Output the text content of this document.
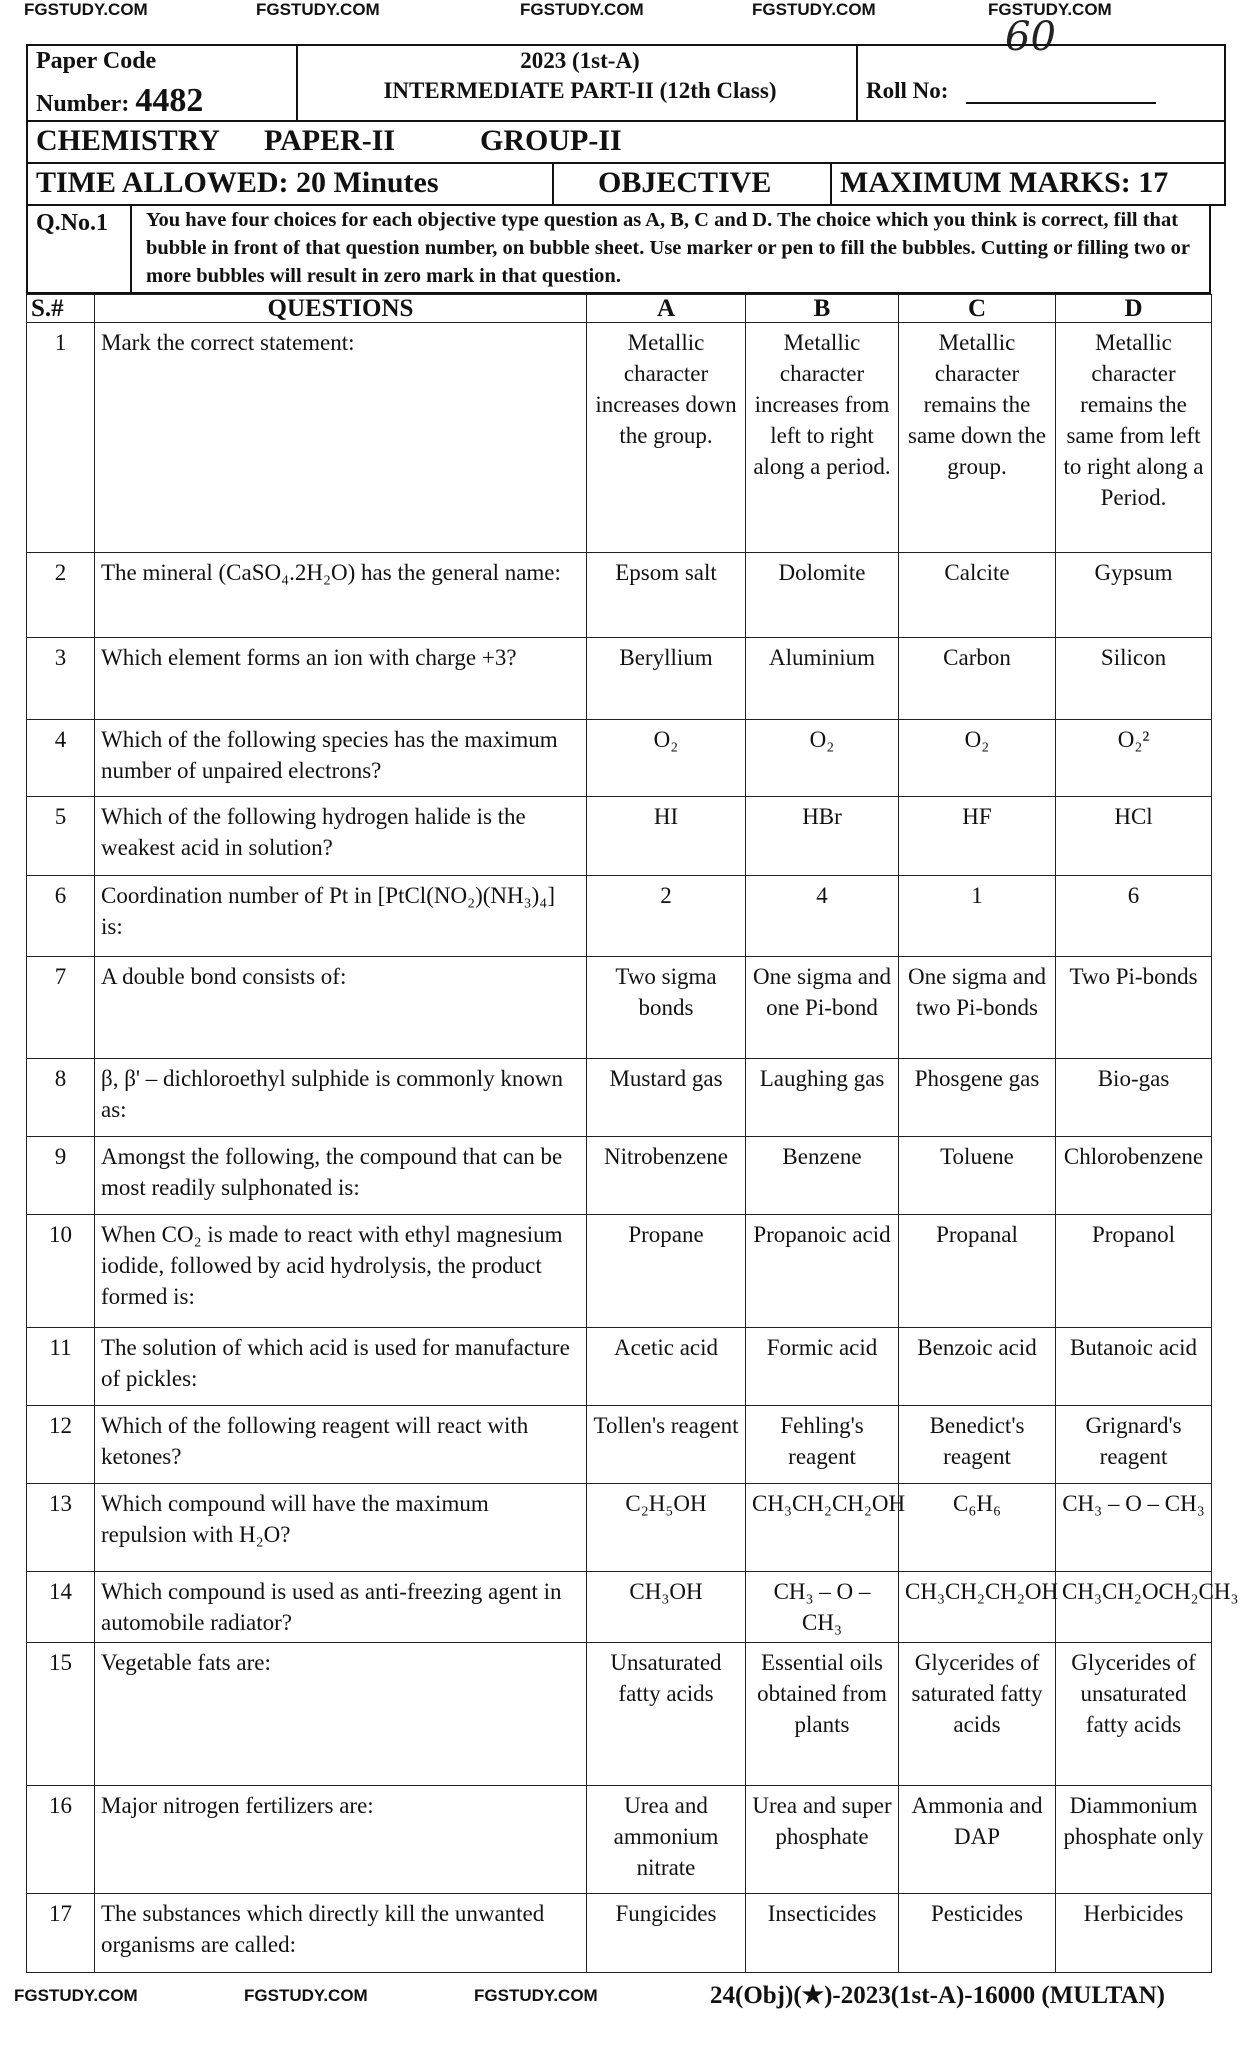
FGSTUDY.COM	FGSTUDY.COM	FGSTUDY.COM	FGSTUDY.COM	FGSTUDY.COM
60
Paper Code
Number: 4482
2023 (1st-A)
INTERMEDIATE PART-II (12th Class)	Roll No:
CHEMISTRY PAPER-II	GROUP-II
TIME ALLOWED: 20 Minutes	OBJECTIVE MAXIMUM MARKS: 17
Q.No.1 You have four choices for each objective type question as A, B, C and D. The choice which you think is correct, fill that bubble in front of that question number, on bubble sheet. Use marker or pen to fill the bubbles. Cutting or filling two or more bubbles will result in zero mark in that question.
S.#	QUESTIONS	A	B	C	D
1	Mark the correct statement:	Metallic character increases down the group.	Metallic character increases from left to right along a period.	Metallic character remains the same down the group.	Metallic character remains the same from left to right along a Period.
2	The mineral (CaSO₄.2H₂O) has the general name:	Epsom salt	Dolomite	Calcite	Gypsum
3	Which element forms an ion with charge +3?	Beryllium	Aluminium	Carbon	Silicon
4	Which of the following species has the maximum number of unpaired electrons?	O₂	O₂	O₂	O₂²
5	Which of the following hydrogen halide is the weakest acid in solution?	HI	HBr	HF	HCl
6	Coordination number of Pt in [PtCl(NO₂)(NH₃)₄] is:	2	4	1	6
7	A double bond consists of:	Two sigma bonds	One sigma and one Pi-bond	One sigma and two Pi-bonds	Two Pi-bonds
8	β, β' – dichloroethyl sulphide is commonly known as:	Mustard gas	Laughing gas	Phosgene gas	Bio-gas
9	Amongst the following, the compound that can be most readily sulphonated is:	Nitrobenzene	Benzene	Toluene	Chlorobenzene
10	When CO₂ is made to react with ethyl magnesium iodide, followed by acid hydrolysis, the product formed is:	Propane	Propanoic acid	Propanal	Propanol
11	The solution of which acid is used for manufacture of pickles:	Acetic acid	Formic acid	Benzoic acid	Butanoic acid
12	Which of the following reagent will react with ketones?	Tollen's reagent	Fehling's reagent	Benedict's reagent	Grignard's reagent
13	Which compound will have the maximum repulsion with H₂O?	C₂H₅OH	CH₃CH₂CH₂OH	C₆H₆	CH₃ – O – CH₃
14	Which compound is used as anti-freezing agent in automobile radiator?	CH₃OH	CH₃ – O – CH₃	CH₃CH₂CH₂OH	CH₃CH₂OCH₂CH₃
15	Vegetable fats are:	Unsaturated fatty acids	Essential oils obtained from plants	Glycerides of saturated fatty acids	Glycerides of unsaturated fatty acids
16	Major nitrogen fertilizers are:	Urea and ammonium nitrate	Urea and super phosphate	Ammonia and DAP	Diammonium phosphate only
17	The substances which directly kill the unwanted organisms are called:	Fungicides	Insecticides	Pesticides	Herbicides
FGSTUDY.COM	FGSTUDY.COM	FGSTUDY.COM	24(Obj)(★)-2023(1st-A)-16000 (MULTAN)
